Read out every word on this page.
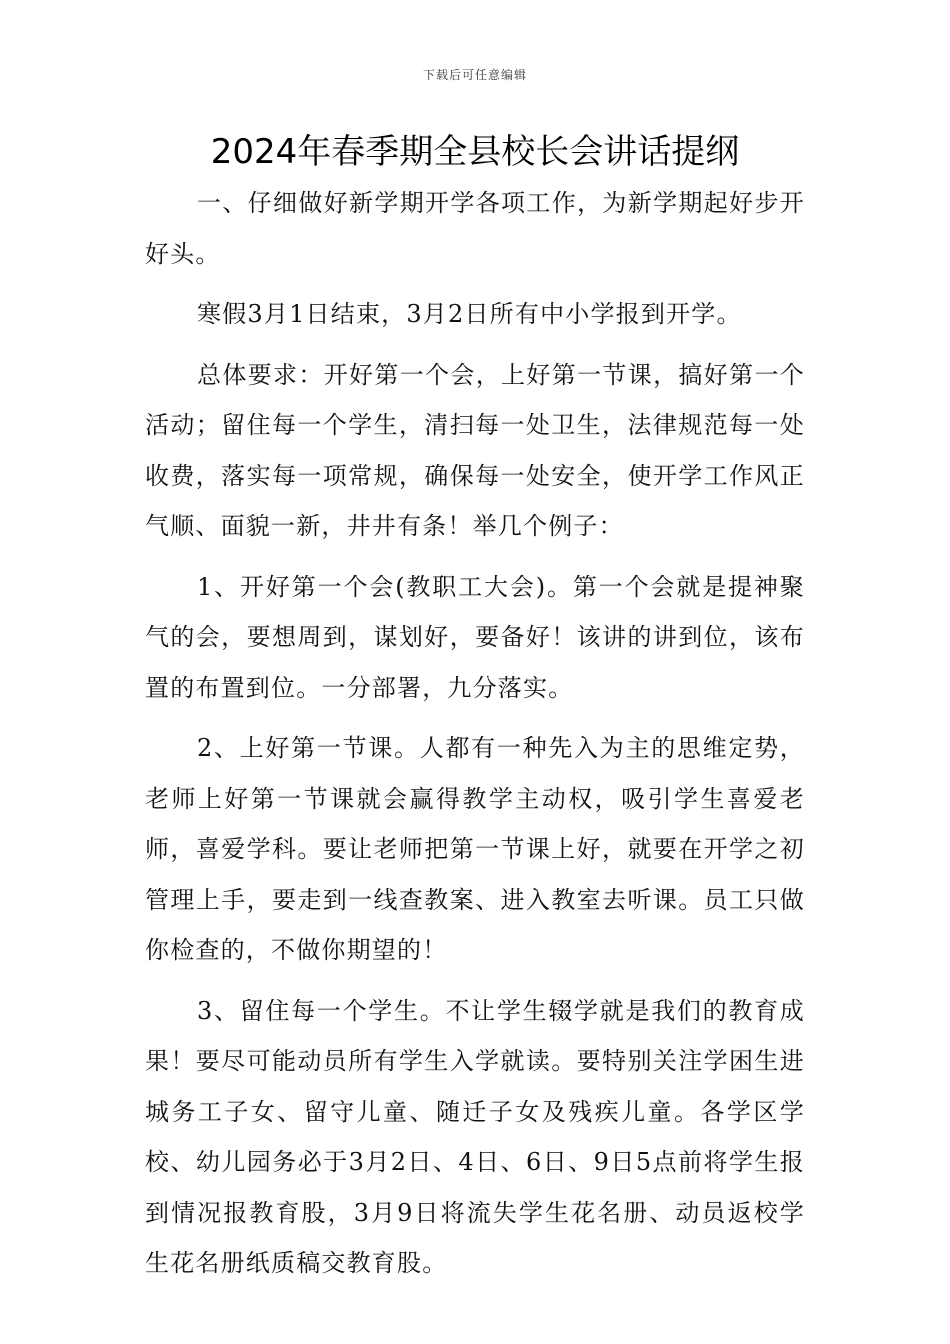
下载后可任意编辑
2024年春季期全县校长会讲话提纲

一、仔细做好新学期开学各项工作，为新学期起好步开好头。

寒假3月1日结束，3月2日所有中小学报到开学。

总体要求：开好第一个会，上好第一节课，搞好第一个活动；留住每一个学生，清扫每一处卫生，法律规范每一处收费，落实每一项常规，确保每一处安全，使开学工作风正气顺、面貌一新，井井有条！举几个例子：

1、开好第一个会(教职工大会)。第一个会就是提神聚气的会，要想周到，谋划好，要备好！该讲的讲到位，该布置的布置到位。一分部署，九分落实。

2、上好第一节课。人都有一种先入为主的思维定势，老师上好第一节课就会赢得教学主动权，吸引学生喜爱老师，喜爱学科。要让老师把第一节课上好，就要在开学之初管理上手，要走到一线查教案、进入教室去听课。员工只做你检查的，不做你期望的！

3、留住每一个学生。不让学生辍学就是我们的教育成果！要尽可能动员所有学生入学就读。要特别关注学困生进城务工子女、留守儿童、随迁子女及残疾儿童。各学区学校、幼儿园务必于3月2日、4日、6日、9日5点前将学生报到情况报教育股，3月9日将流失学生花名册、动员返校学生花名册纸质稿交教育股。
